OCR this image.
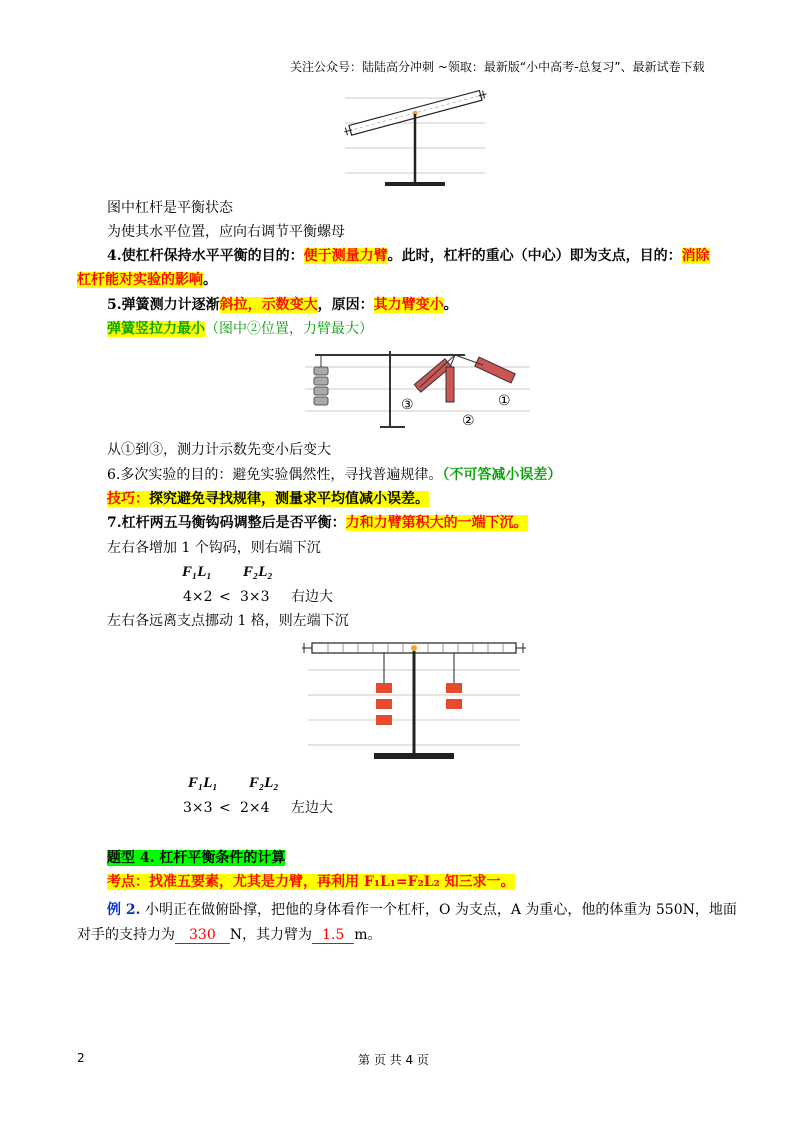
关注公众号：陆陆高分冲刺 ~领取：最新版“小中高考-总复习”、最新试卷下载
图中杠杆是平衡状态
为使其水平位置，应向右调节平衡螺母
4.使杠杆保持水平平衡的目的：便于测量力臂。此时，杠杆的重心（中心）即为支点，目的：消除
杠杆能对实验的影响。
5.弹簧测力计逐渐斜拉，示数变大，原因：其力臂变小。
弹簧竖拉力最小（图中②位置，力臂最大）
③
②
①
从①到③，测力计示数先变小后变大
6.多次实验的目的：避免实验偶然性，寻找普遍规律。（不可答减小误差）
技巧：探究避免寻找规律，测量求平均值减小误差。
7.杠杆两五马衡钩码调整后是否平衡：力和力臂第积大的一端下沉。
左右各增加 1 个钩码，则右端下沉
F₁L₁ F₂L₂
4×2 < 3×3 右边大
左右各远离支点挪动 1 格，则左端下沉
F₁L₁ F₂L₂
3×3 < 2×4 左边大
题型 4. 杠杆平衡条件的计算
考点：找准五要素，尤其是力臂，再利用 F₁L₁=F₂L₂ 知三求一。
例 2. 小明正在做俯卧撑，把他的身体看作一个杠杆，O 为支点，A 为重心，他的体重为 550N，地面
对手的支持力为 330 N，其力臂为 1.5 m。
2	第 页 共 4 页
